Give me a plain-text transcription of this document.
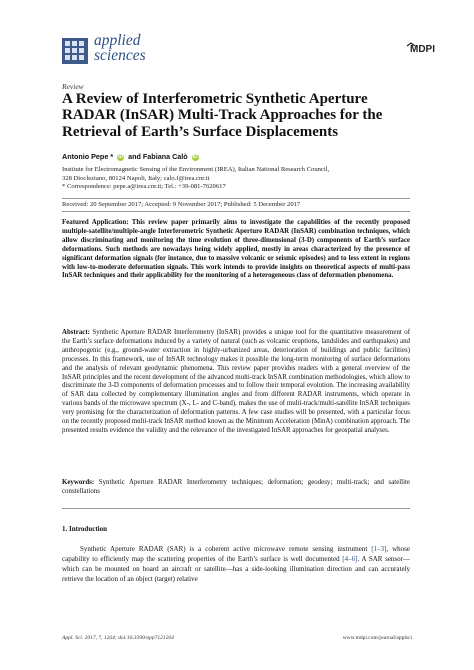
applied
sciences	MDPI
Review
A Review of Interferometric Synthetic Aperture RADAR (InSAR) Multi-Track Approaches for the Retrieval of Earth’s Surface Displacements
Antonio Pepe * iD and Fabiana Calò iD
Institute for Electromagnetic Sensing of the Environment (IREA), Italian National Research Council,
328 Diocleziano, 80124 Napoli, Italy; calo.f@irea.cnr.it
* Correspondence: pepe.a@irea.cnr.it; Tel.: +39-081-7620617
Received: 20 September 2017; Accepted: 9 November 2017; Published: 5 December 2017
Featured Application: This review paper primarily aims to investigate the capabilities of the recently proposed multiple-satellite/multiple-angle Interferometric Synthetic Aperture RADAR (InSAR) combination techniques, which allow discriminating and monitoring the time evolution of three-dimensional (3-D) components of Earth’s surface deformations. Such methods are nowadays being widely applied, mostly in areas characterized by the presence of significant deformation signals (for instance, due to massive volcanic or seismic episodes) and to less extent in regions with low-to-moderate deformation signals. This work intends to provide insights on theoretical aspects of multi-pass InSAR techniques and their applicability for the monitoring of a heterogeneous class of deformation phenomena.
Abstract: Synthetic Aperture RADAR Interferometry (InSAR) provides a unique tool for the quantitative measurement of the Earth’s surface deformations induced by a variety of natural (such as volcanic eruptions, landslides and earthquakes) and anthropogenic (e.g., ground-water extraction in highly-urbanized areas, deterioration of buildings and public facilities) processes. In this framework, use of InSAR technology makes it possible the long-term monitoring of surface deformations and the analysis of relevant geodynamic phenomena. This review paper provides readers with a general overview of the InSAR principles and the recent development of the advanced multi-track InSAR combination methodologies, which allow to discriminate the 3-D components of deformation processes and to follow their temporal evolution. The increasing availability of SAR data collected by complementary illumination angles and from different RADAR instruments, which operate in various bands of the microwave spectrum (X-, L- and C-band), makes the use of multi-track/multi-satellite InSAR techniques very promising for the characterization of deformation patterns. A few case studies will be presented, with a particular focus on the recently proposed multi-track InSAR method known as the Minimum Acceleration (MinA) combination approach. The presented results evidence the validity and the relevance of the investigated InSAR approaches for geospatial analyses.
Keywords: Synthetic Aperture RADAR Interferometry techniques; deformation; geodesy; multi-track; and satellite constellations
1. Introduction
Synthetic Aperture RADAR (SAR) is a coherent active microwave remote sensing instrument [1–3], whose capability to efficiently map the scattering properties of the Earth’s surface is well documented [4–6]. A SAR sensor—which can be mounted on board an aircraft or satellite—has a side-looking illumination direction and can accurately retrieve the location of an object (target) relative
Appl. Sci. 2017, 7, 1264; doi:10.3390/app7121264	www.mdpi.com/journal/applsci
